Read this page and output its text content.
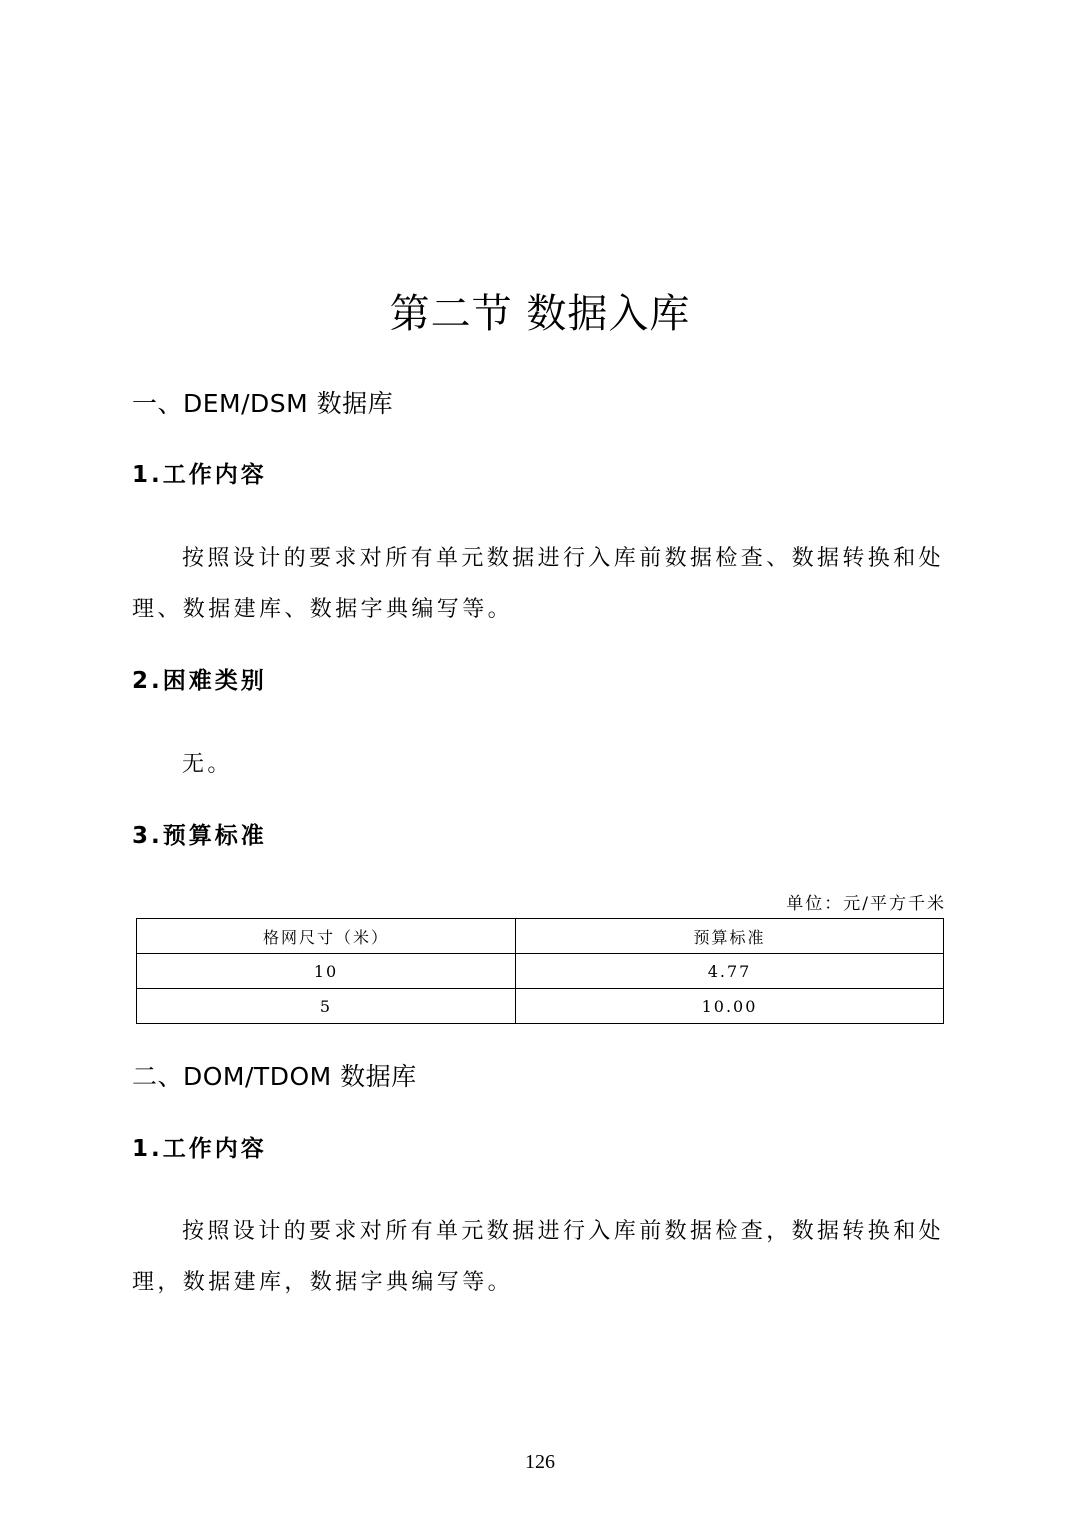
第二节 数据入库
一、DEM/DSM 数据库
1.工作内容

按照设计的要求对所有单元数据进行入库前数据检查、数据转换和处

理、数据建库、数据字典编写等。

2.困难类别

无。

3.预算标准
单位：元/平方千米
格网尺寸（米）	预算标准
10	4.77
5	10.00
二、DOM/TDOM 数据库
1.工作内容

按照设计的要求对所有单元数据进行入库前数据检查，数据转换和处

理，数据建库，数据字典编写等。

126
